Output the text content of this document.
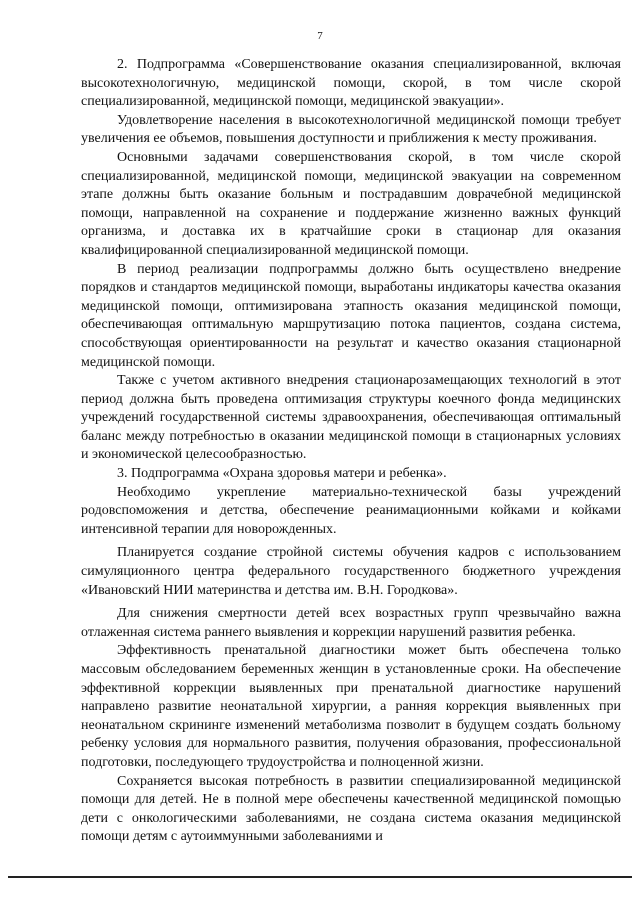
7

2. Подпрограмма «Совершенствование оказания специализированной, включая высокотехнологичную, медицинской помощи, скорой, в том числе скорой специализированной, медицинской помощи, медицинской эвакуации».

Удовлетворение населения в высокотехнологичной медицинской помощи требует увеличения ее объемов, повышения доступности и приближения к месту проживания.

Основными задачами совершенствования скорой, в том числе скорой специализированной, медицинской помощи, медицинской эвакуации на современном этапе должны быть оказание больным и пострадавшим доврачебной медицинской помощи, направленной на сохранение и поддержание жизненно важных функций организма, и доставка их в кратчайшие сроки в стационар для оказания квалифицированной специализированной медицинской помощи.

В период реализации подпрограммы должно быть осуществлено внедрение порядков и стандартов медицинской помощи, выработаны индикаторы качества оказания медицинской помощи, оптимизирована этапность оказания медицинской помощи, обеспечивающая оптимальную маршрутизацию потока пациентов, создана система, способствующая ориентированности на результат и качество оказания стационарной медицинской помощи.

Также с учетом активного внедрения стационарозамещающих технологий в этот период должна быть проведена оптимизация структуры коечного фонда медицинских учреждений государственной системы здравоохранения, обеспечивающая оптимальный баланс между потребностью в оказании медицинской помощи в стационарных условиях и экономической целесообразностью.

3. Подпрограмма «Охрана здоровья матери и ребенка».

Необходимо укрепление материально-технической базы учреждений родовспоможения и детства, обеспечение реанимационными койками и койками интенсивной терапии для новорожденных.

Планируется создание стройной системы обучения кадров с использованием симуляционного центра федерального государственного бюджетного учреждения «Ивановский НИИ материнства и детства им. В.Н. Городкова».

Для снижения смертности детей всех возрастных групп чрезвычайно важна отлаженная система раннего выявления и коррекции нарушений развития ребенка.

Эффективность пренатальной диагностики может быть обеспечена только массовым обследованием беременных женщин в установленные сроки. На обеспечение эффективной коррекции выявленных при пренатальной диагностике нарушений направлено развитие неонатальной хирургии, а ранняя коррекция выявленных при неонатальном скрининге изменений метаболизма позволит в будущем создать больному ребенку условия для нормального развития, получения образования, профессиональной подготовки, последующего трудоустройства и полноценной жизни.

Сохраняется высокая потребность в развитии специализированной медицинской помощи для детей. Не в полной мере обеспечены качественной медицинской помощью дети с онкологическими заболеваниями, не создана система оказания медицинской помощи детям с аутоиммунными заболеваниями и
